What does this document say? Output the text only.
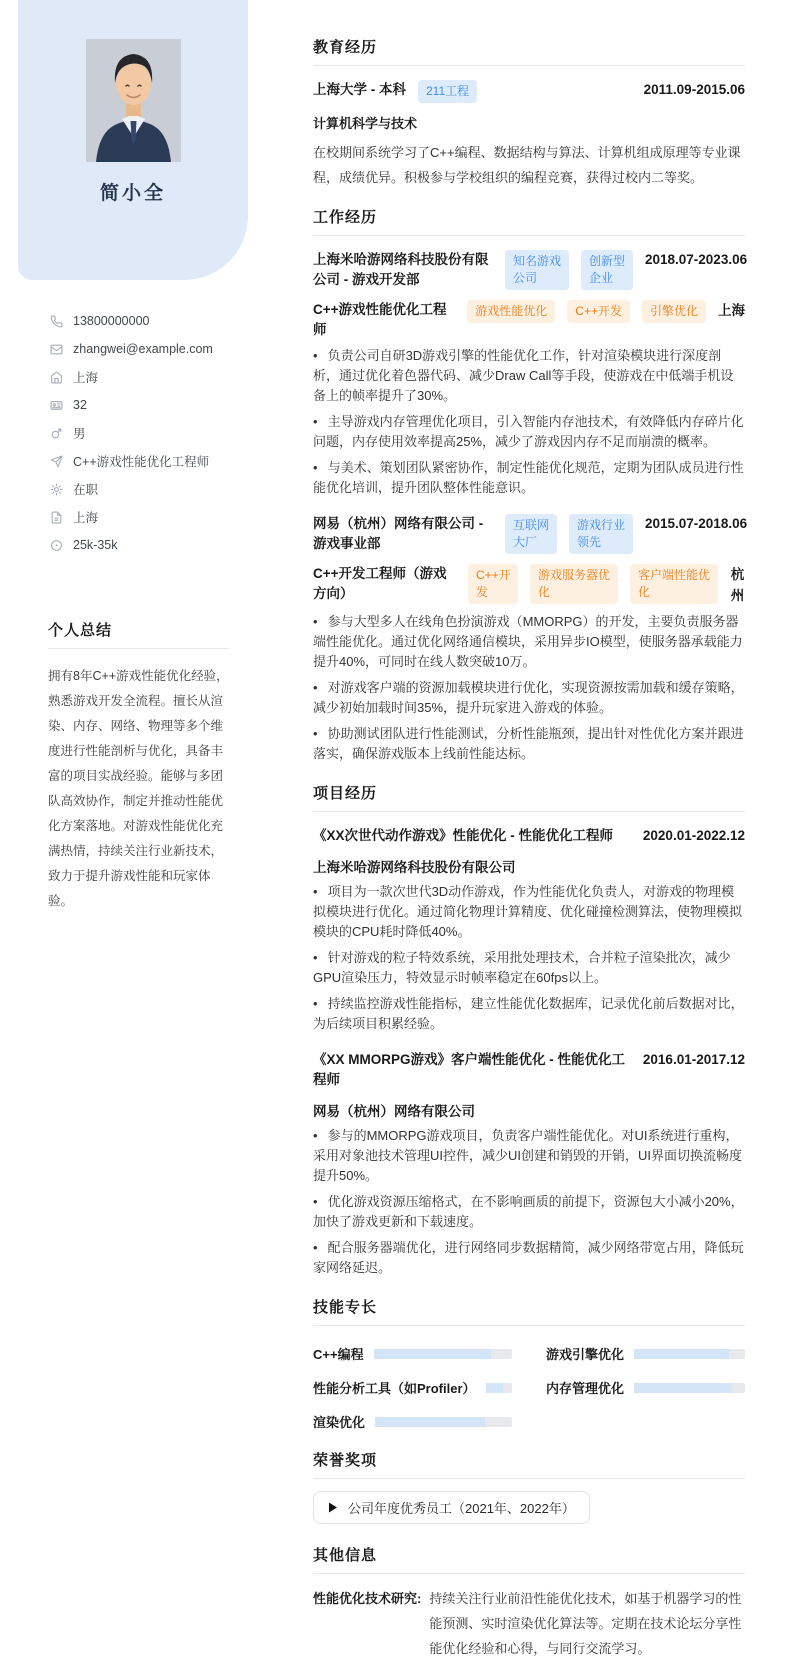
简小全
13800000000
zhangwei@example.com
上海
32
男
C++游戏性能优化工程师
在职
上海
25k-35k
个人总结

拥有8年C++游戏性能优化经验，熟悉游戏开发全流程。擅长从渲染、内存、网络、物理等多个维度进行性能剖析与优化，具备丰富的项目实战经验。能够与多团队高效协作，制定并推动性能优化方案落地。对游戏性能优化充满热情，持续关注行业新技术，致力于提升游戏性能和玩家体验。

教育经历
上海大学 - 本科	211工程	2011.09-2015.06
计算机科学与技术

在校期间系统学习了C++编程、数据结构与算法、计算机组成原理等专业课程，成绩优异。积极参与学校组织的编程竞赛，获得过校内二等奖。

工作经历
上海米哈游网络科技股份有限公司 - 游戏开发部
知名游戏公司
创新型企业
2018.07-2023.06
C++游戏性能优化工程师
游戏性能优化	C++开发	引擎优化	上海

• 负责公司自研3D游戏引擎的性能优化工作，针对渲染模块进行深度剖析，通过优化着色器代码、减少Draw Call等手段，使游戏在中低端手机设备上的帧率提升了30%。

• 主导游戏内存管理优化项目，引入智能内存池技术，有效降低内存碎片化问题，内存使用效率提高25%，减少了游戏因内存不足而崩溃的概率。

• 与美术、策划团队紧密协作，制定性能优化规范，定期为团队成员进行性能优化培训，提升团队整体性能意识。

网易（杭州）网络有限公司 - 游戏事业部
互联网大厂
游戏行业领先
2015.07-2018.06
C++开发工程师（游戏方向）
C++开发
游戏服务器优化
客户端性能优化
杭州

• 参与大型多人在线角色扮演游戏（MMORPG）的开发，主要负责服务器端性能优化。通过优化网络通信模块，采用异步IO模型，使服务器承载能力提升40%，可同时在线人数突破10万。

• 对游戏客户端的资源加载模块进行优化，实现资源按需加载和缓存策略，减少初始加载时间35%，提升玩家进入游戏的体验。

• 协助测试团队进行性能测试，分析性能瓶颈，提出针对性优化方案并跟进落实，确保游戏版本上线前性能达标。

项目经历
《XX次世代动作游戏》性能优化 - 性能优化工程师 2020.01-2022.12
上海米哈游网络科技股份有限公司

• 项目为一款次世代3D动作游戏，作为性能优化负责人，对游戏的物理模拟模块进行优化。通过简化物理计算精度、优化碰撞检测算法，使物理模拟模块的CPU耗时降低40%。

• 针对游戏的粒子特效系统，采用批处理技术，合并粒子渲染批次，减少GPU渲染压力，特效显示时帧率稳定在60fps以上。

• 持续监控游戏性能指标，建立性能优化数据库，记录优化前后数据对比，为后续项目积累经验。

《XX MMORPG游戏》客户端性能优化 - 性能优化工程师
2016.01-2017.12
网易（杭州）网络有限公司

• 参与的MMORPG游戏项目，负责客户端性能优化。对UI系统进行重构，采用对象池技术管理UI控件，减少UI创建和销毁的开销，UI界面切换流畅度提升50%。

• 优化游戏资源压缩格式，在不影响画质的前提下，资源包大小减小20%，加快了游戏更新和下载速度。

• 配合服务器端优化，进行网络同步数据精简，减少网络带宽占用，降低玩家网络延迟。

技能专长
C++编程	游戏引擎优化
性能分析工具（如Profiler）	内存管理优化
渲染优化
荣誉奖项
公司年度优秀员工（2021年、2022年）
其他信息
性能优化技术研究: 持续关注行业前沿性能优化技术，如基于机器学习的性能预测、实时渲染优化算法等。定期在技术论坛分享性能优化经验和心得，与同行交流学习。
